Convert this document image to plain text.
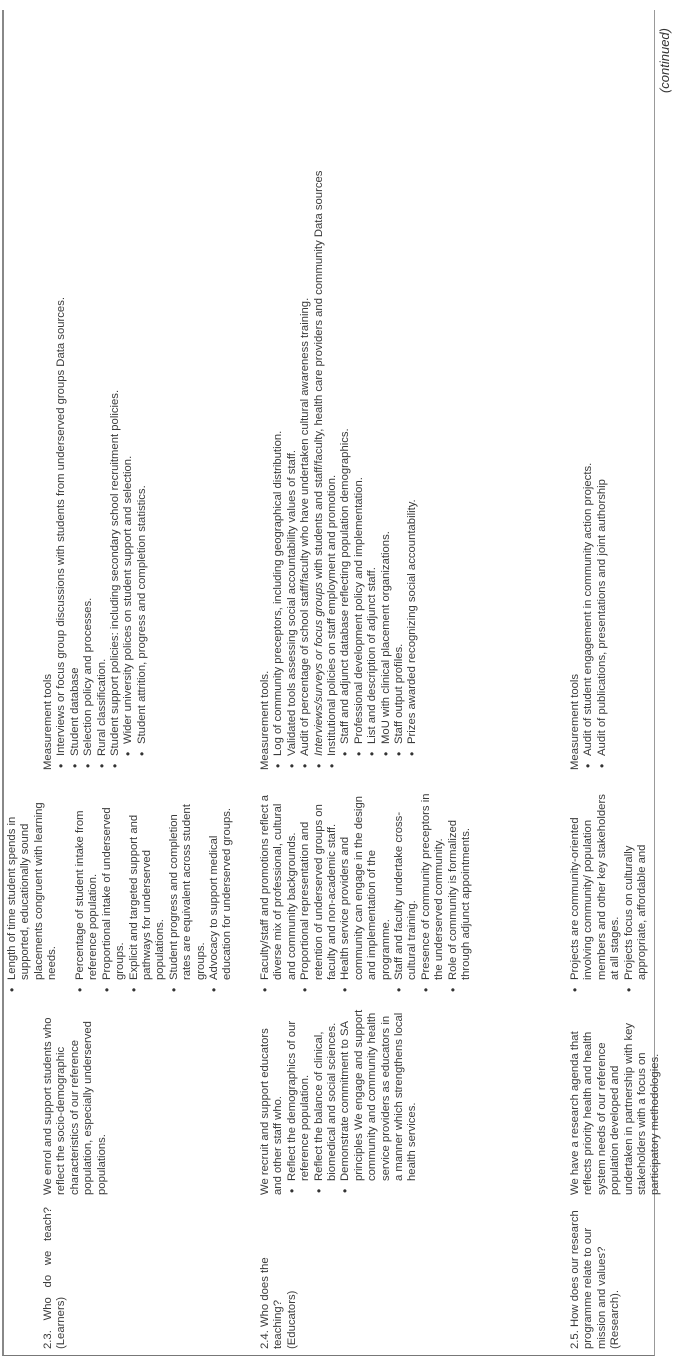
2.3.
Who
do
we
teach?

(Learners)

We enrol and support students who reflect the socio-demographic characteristics of our reference population, especially underserved populations.

• Length of time student spends in supported, educationally sound placements congruent with learning needs.

Measurement tools • Interviews or focus group discussions with students from underserved groups Data sources. • Student database • Selection policy and processes. • Rural classification. • Student support policies: including secondary school recruitment policies. • Wider university polices on student support and selection. • Student attrition, progress and completion statistics.
• Percentage of student intake from reference population. • Proportional intake of underserved groups. • Explicit and targeted support and pathways for underserved populations. • Student progress and completion rates are equivalent across student groups. • Advocacy to support medical education for underserved groups.

2.4. Who does the teaching? (Educators)

We recruit and support educators and other staff who. • Reflect the demographics of our reference population. • Reflect the balance of clinical, biomedical and social sciences. • Demonstrate commitment to SA principles We engage and support community and community health service providers as educators in a manner which strengthens local health services.
• Faculty/staff and promotions reflect a diverse mix of professional, cultural and community backgrounds. • Proportional representation and retention of underserved groups on faculty and non-academic staff. • Health service providers and community can engage in the design and implementation of the programme. • Staff and faculty undertake cross-cultural training. • Presence of community preceptors in the underserved community. • Role of community is formalized through adjunct appointments.

Measurement tools. • Log of community preceptors, including geographical distribution. • Validated tools assessing social accountability values of staff. • Audit of percentage of school staff/faculty who have undertaken cultural awareness training. • Interviews/surveys or focus groups with students and staff/faculty, health care providers and community Data sources
• Institutional policies on staff employment and promotion. • Staff and adjunct database reflecting population demographics. • Professional development policy and implementation. • List and description of adjunct staff. • MoU with clinical placement organizations. • Staff output profiles. • Prizes awarded recognizing social accountability.

2.5. How does our research programme relate to our mission and values? (Research).

We have a research agenda that reflects priority health and health system needs of our reference population developed and undertaken in partnership with key stakeholders with a focus on participatory methodologies.

• Projects are community-oriented involving community/ population members and other key stakeholders at all stages. • Projects focus on culturally appropriate, affordable and

Measurement tools • Audit of student engagement in community action projects. • Audit of publications, presentations and joint authorship
(continued)
